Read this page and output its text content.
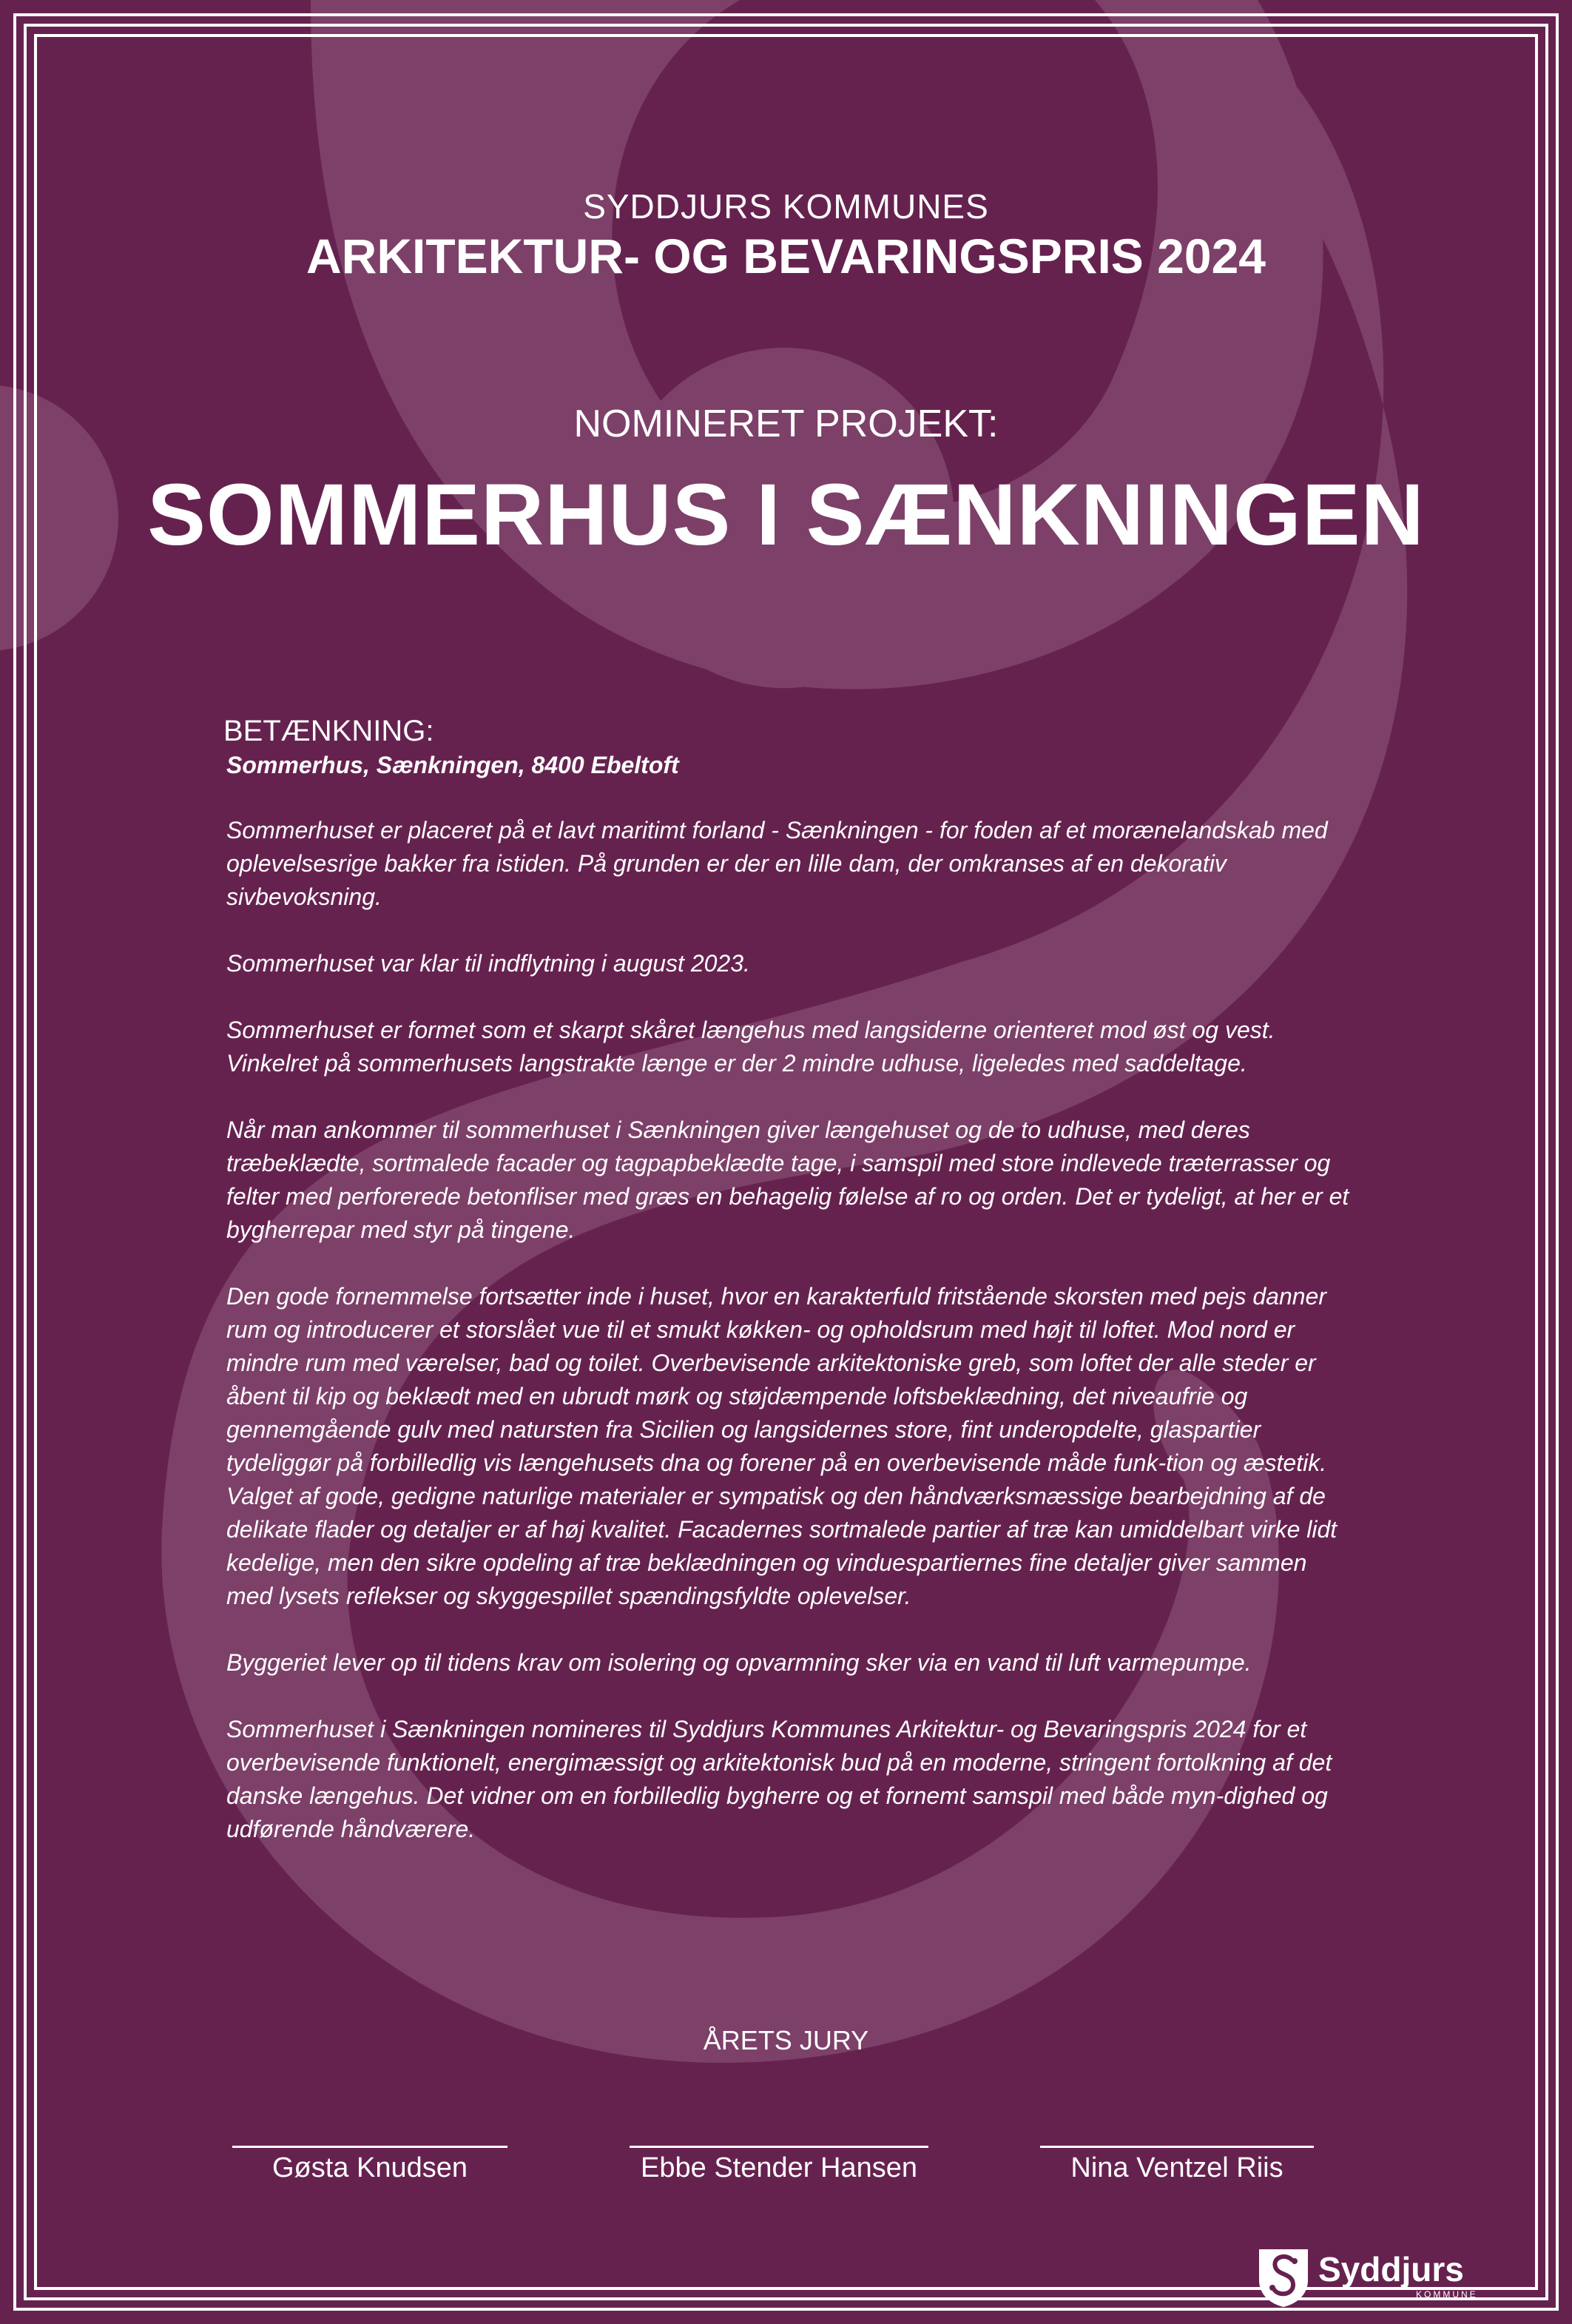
SYDDJURS KOMMUNES
ARKITEKTUR- OG BEVARINGSPRIS 2024
NOMINERET PROJEKT:
SOMMERHUS I SÆNKNINGEN
BETÆNKNING:
Sommerhus, Sænkningen, 8400 Ebeltoft

Sommerhuset er placeret på et lavt maritimt forland - Sænkningen - for foden af et morænelandskab med oplevelsesrige bakker fra istiden. På grunden er der en lille dam, der omkranses af en dekorativ sivbevoksning.

Sommerhuset var klar til indflytning i august 2023.

Sommerhuset er formet som et skarpt skåret længehus med langsiderne orienteret mod øst og vest. Vinkelret på sommerhusets langstrakte længe er der 2 mindre udhuse, ligeledes med saddeltage.

Når man ankommer til sommerhuset i Sænkningen giver længehuset og de to udhuse, med deres træbeklædte, sortmalede facader og tagpapbeklædte tage, i samspil med store indlevede træterrasser og felter med perforerede betonfliser med græs en behagelig følelse af ro og orden. Det er tydeligt, at her er et bygherrepar med styr på tingene.

Den gode fornemmelse fortsætter inde i huset, hvor en karakterfuld fritstående skorsten med pejs danner rum og introducerer et storslået vue til et smukt køkken- og opholdsrum med højt til loftet. Mod nord er mindre rum med værelser, bad og toilet. Overbevisende arkitektoniske greb, som loftet der alle steder er åbent til kip og beklædt med en ubrudt mørk og støjdæmpende loftsbeklædning, det niveaufrie og gennemgående gulv med natursten fra Sicilien og langsidernes store, fint underopdelte, glaspartier tydeliggør på forbilledlig vis længehusets dna og forener på en overbevisende måde funk-tion og æstetik. Valget af gode, gedigne naturlige materialer er sympatisk og den håndværksmæssige bearbejdning af de delikate flader og detaljer er af høj kvalitet. Facadernes sortmalede partier af træ kan umiddelbart virke lidt kedelige, men den sikre opdeling af træ beklædningen og vinduespartiernes fine detaljer giver sammen med lysets reflekser og skyggespillet spændingsfyldte oplevelser.

Byggeriet lever op til tidens krav om isolering og opvarmning sker via en vand til luft varmepumpe.

Sommerhuset i Sænkningen nomineres til Syddjurs Kommunes Arkitektur- og Bevaringspris 2024 for et overbevisende funktionelt, energimæssigt og arkitektonisk bud på en moderne, stringent fortolkning af det danske længehus. Det vidner om en forbilledlig bygherre og et fornemt samspil med både myn-dighed og udførende håndværere.

ÅRETS JURY
Gøsta Knudsen	Ebbe Stender Hansen	Nina Ventzel Riis
Syddjurs
KOMMUNE
